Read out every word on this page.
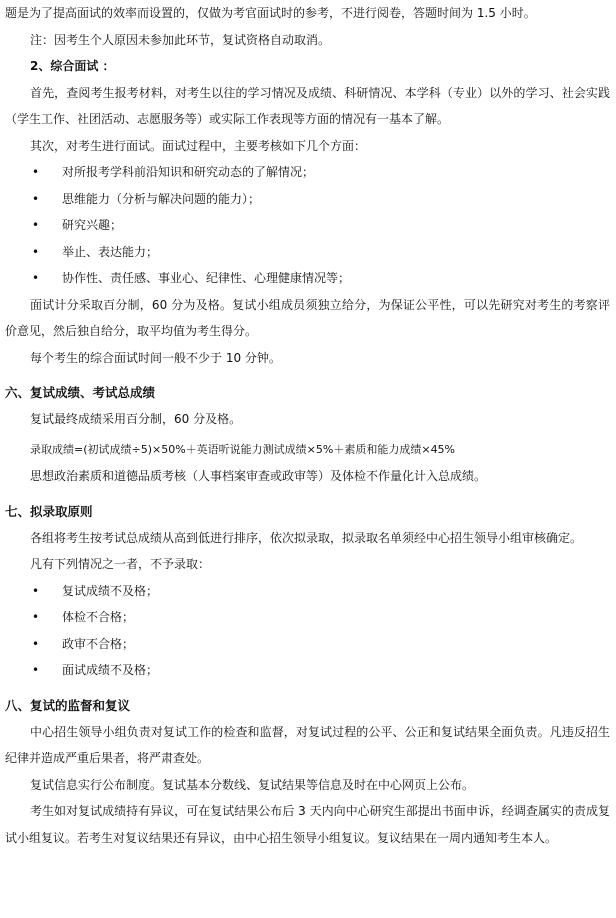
题是为了提高面试的效率而设置的，仅做为考官面试时的参考，不进行阅卷，答题时间为 1.5 小时。

注：因考生个人原因未参加此环节，复试资格自动取消。

2、综合面试 ：

首先，查阅考生报考材料，对考生以往的学习情况及成绩、科研情况、本学科（专业）以外的学习、社会实践（学生工作、社团活动、志愿服务等）或实际工作表现等方面的情况有一基本了解。

其次，对考生进行面试。面试过程中，主要考核如下几个方面：

• 对所报考学科前沿知识和研究动态的了解情况；
• 思维能力（分析与解决问题的能力）；
• 研究兴趣；
• 举止、表达能力；
• 协作性、责任感、事业心、纪律性、心理健康情况等；

面试计分采取百分制，60 分为及格。复试小组成员须独立给分，为保证公平性，可以先研究对考生的考察评价意见，然后独自给分，取平均值为考生得分。

每个考生的综合面试时间一般不少于 10 分钟。

六、复试成绩、考试总成绩

复试最终成绩采用百分制，60 分及格。

录取成绩=(初试成绩÷5)×50%＋英语听说能力测试成绩×5%＋素质和能力成绩×45%

思想政治素质和道德品质考核（人事档案审查或政审等）及体检不作量化计入总成绩。

七、拟录取原则

各组将考生按考试总成绩从高到低进行排序，依次拟录取，拟录取名单须经中心招生领导小组审核确定。

凡有下列情况之一者，不予录取：

• 复试成绩不及格；
• 体检不合格；
• 政审不合格；
• 面试成绩不及格；

八、复试的监督和复议

中心招生领导小组负责对复试工作的检查和监督，对复试过程的公平、公正和复试结果全面负责。凡违反招生纪律并造成严重后果者，将严肃查处。

复试信息实行公布制度。复试基本分数线、复试结果等信息及时在中心网页上公布。

考生如对复试成绩持有异议，可在复试结果公布后 3 天内向中心研究生部提出书面申诉，经调查属实的责成复试小组复议。若考生对复议结果还有异议，由中心招生领导小组复议。复议结果在一周内通知考生本人。
